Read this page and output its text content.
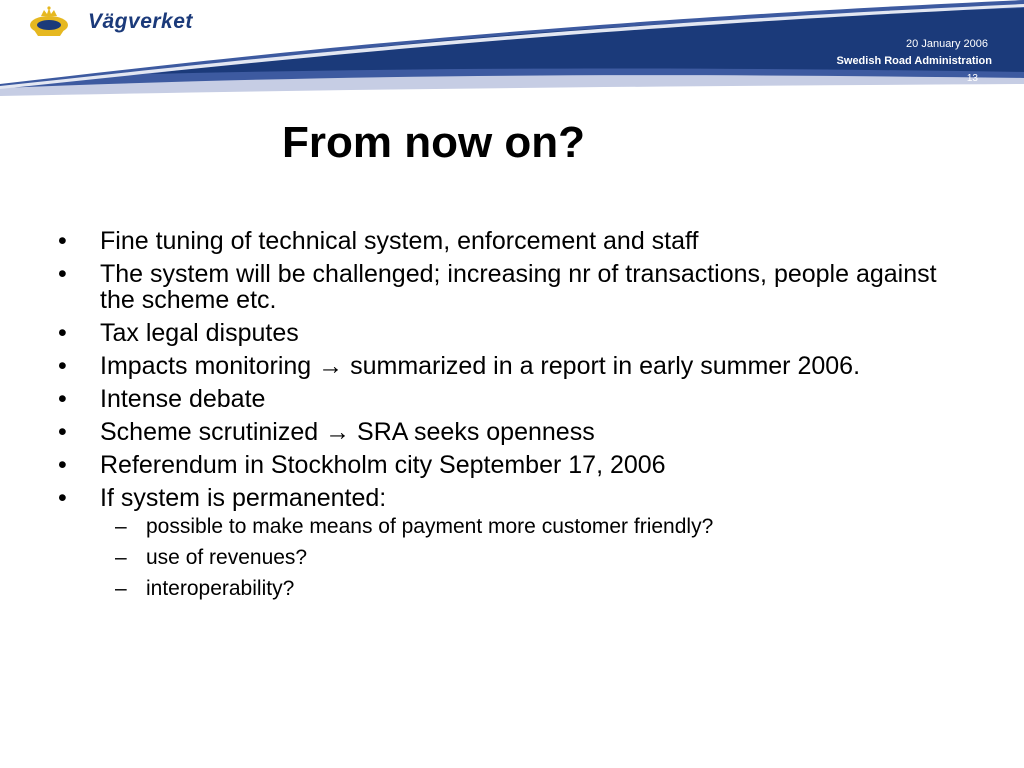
Vägverket
20 January 2006
Swedish Road Administration
13
From now on?
• Fine tuning of technical system, enforcement and staff
• The system will be challenged; increasing nr of transactions, people against the scheme etc.
• Tax legal disputes
• Impacts monitoring → summarized in a report in early summer 2006.
• Intense debate
• Scheme scrutinized → SRA seeks openness
• Referendum in Stockholm city September 17, 2006
• If system is permanented:
– possible to make means of payment more customer friendly?
– use of revenues?
– interoperability?
